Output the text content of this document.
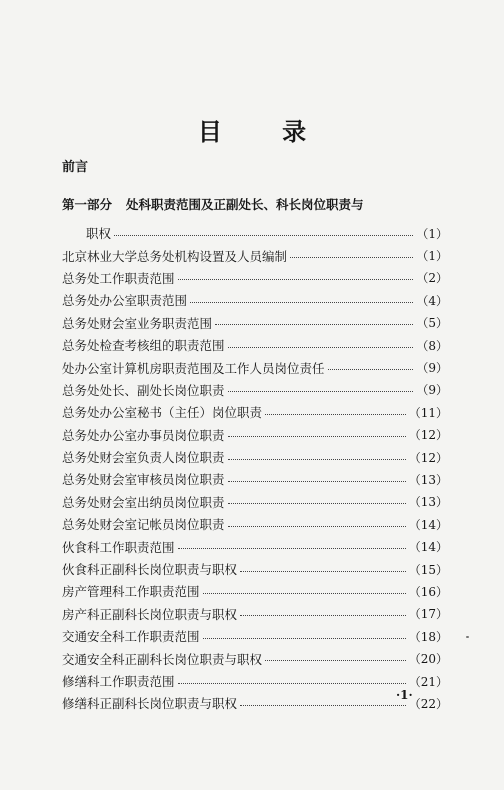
目 录
前言
第一部分 处科职责范围及正副处长、科长岗位职责与
职权	（1）
北京林业大学总务处机构设置及人员编制	（1）
总务处工作职责范围	（2）
总务处办公室职责范围	（4）
总务处财会室业务职责范围	（5）
总务处检查考核组的职责范围	（8）
处办公室计算机房职责范围及工作人员岗位责任	（9）
总务处处长、副处长岗位职责	（9）
总务处办公室秘书（主任）岗位职责	（11）
总务处办公室办事员岗位职责	（12）
总务处财会室负责人岗位职责	（12）
总务处财会室审核员岗位职责	（13）
总务处财会室出纳员岗位职责	（13）
总务处财会室记帐员岗位职责	（14）
伙食科工作职责范围	（14）
伙食科正副科长岗位职责与职权	（15）
房产管理科工作职责范围	（16）
房产科正副科长岗位职责与职权	（17）
交通安全科工作职责范围	（18）
交通安全科正副科长岗位职责与职权	（20）
修缮科工作职责范围	（21）
修缮科正副科长岗位职责与职权	（22）
·1·
